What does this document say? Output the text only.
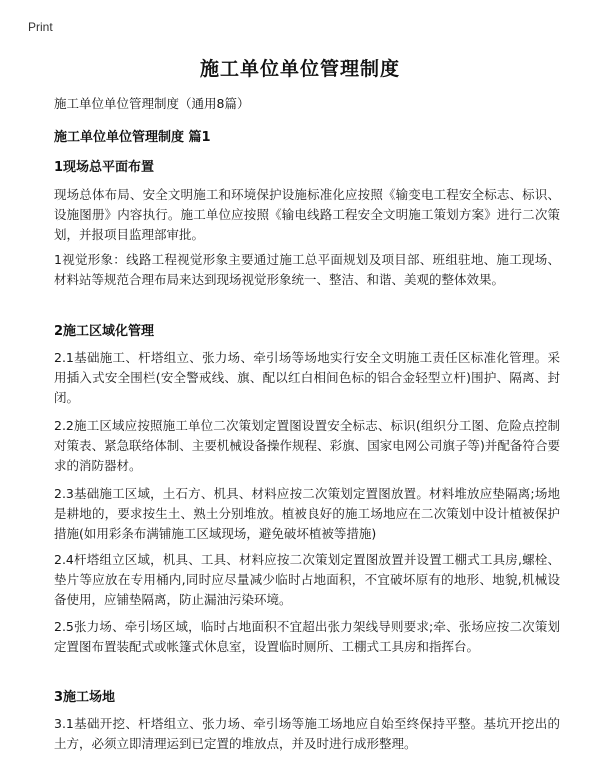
Print
施工单位单位管理制度
施工单位单位管理制度（通用8篇）
施工单位单位管理制度 篇1
1现场总平面布置
现场总体布局、安全文明施工和环境保护设施标准化应按照《输变电工程安全标志、标识、设施图册》内容执行。施工单位应按照《输电线路工程安全文明施工策划方案》进行二次策划，并报项目监理部审批。
1视觉形象：线路工程视觉形象主要通过施工总平面规划及项目部、班组驻地、施工现场、材料站等规范合理布局来达到现场视觉形象统一、整洁、和谐、美观的整体效果。
2施工区域化管理
2.1基础施工、杆塔组立、张力场、牵引场等场地实行安全文明施工责任区标准化管理。采用插入式安全围栏(安全警戒线、旗、配以红白相间色标的铝合金轻型立杆)围护、隔离、封闭。
2.2施工区域应按照施工单位二次策划定置图设置安全标志、标识(组织分工图、危险点控制对策表、紧急联络体制、主要机械设备操作规程、彩旗、国家电网公司旗子等)并配备符合要求的消防器材。
2.3基础施工区域，土石方、机具、材料应按二次策划定置图放置。材料堆放应垫隔离;场地是耕地的，要求按生土、熟土分别堆放。植被良好的施工场地应在二次策划中设计植被保护措施(如用彩条布满铺施工区域现场，避免破坏植被等措施)
2.4杆塔组立区域，机具、工具、材料应按二次策划定置图放置并设置工棚式工具房,螺栓、垫片等应放在专用桶内,同时应尽量减少临时占地面积，不宜破坏原有的地形、地貌,机械设备使用，应铺垫隔离，防止漏油污染环境。
2.5张力场、牵引场区域，临时占地面积不宜超出张力架线导则要求;牵、张场应按二次策划定置图布置装配式或帐篷式休息室，设置临时厕所、工棚式工具房和指挥台。
3施工场地
3.1基础开挖、杆塔组立、张力场、牵引场等施工场地应自始至终保持平整。基坑开挖出的土方，必须立即清理运到已定置的堆放点，并及时进行成形整理。
